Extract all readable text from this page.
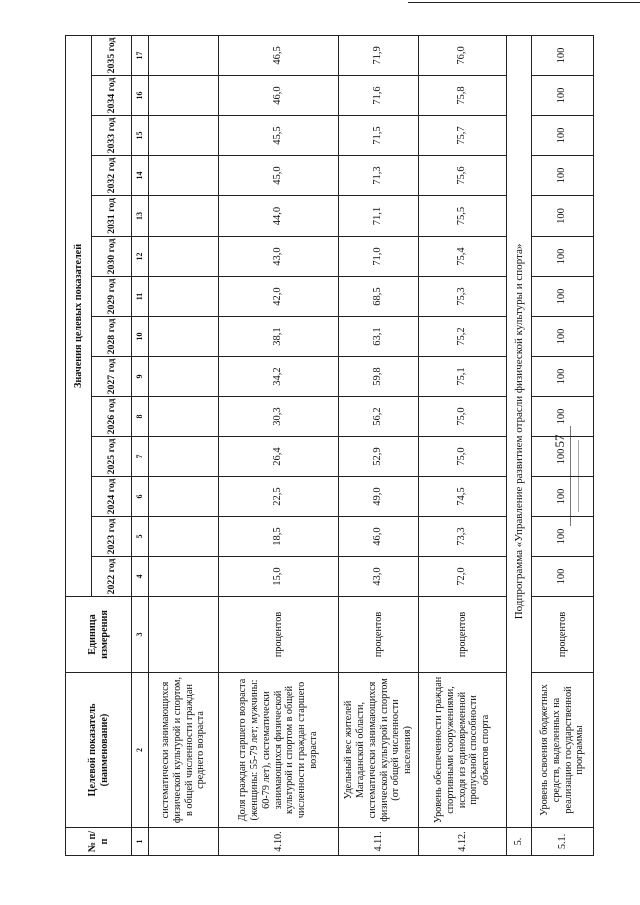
57
№ п/п	Целевой показатель (наименование)	Единица измерения	Значения целевых показателей													
			2022 год	2023 год	2024 год	2025 год	2026 год	2027 год	2028 год	2029 год	2030 год	2031 год	2032 год	2033 год	2034 год	2035 год
1	2	3	4	5	6	7	8	9	10	11	12	13	14	15	16	17
	систематически занимающихся физической культурой и спортом, в общей численности граждан среднего возраста															
4.10.	Доля граждан старшего возраста (женщины: 55-79 лет; мужчины: 60-79 лет), систематически занимающихся физической культурой и спортом в общей численности граждан старшего возраста	процентов	15,0	18,5	22,5	26,4	30,3	34,2	38,1	42,0	43,0	44,0	45,0	45,5	46,0	46,5
4.11.	Удельный вес жителей Магаданской области, систематически занимающихся физической культурой и спортом (от общей численности населения)	процентов	43,0	46,0	49,0	52,9	56,2	59,8	63,1	68,5	71,0	71,1	71,3	71,5	71,6	71,9
4.12.	Уровень обеспеченности граждан спортивными сооружениями, исходя из единовременной пропускной способности объектов спорта	процентов	72,0	73,3	74,5	75,0	75,0	75,1	75,2	75,3	75,4	75,5	75,6	75,7	75,8	76,0
5.	Подпрограмма «Управление развитием отрасли физической культуры и спорта»															
5.1.	Уровень освоения бюджетных средств, выделенных на реализацию государственной программы	процентов	100	100	100	100	100	100	100	100	100	100	100	100	100	100
